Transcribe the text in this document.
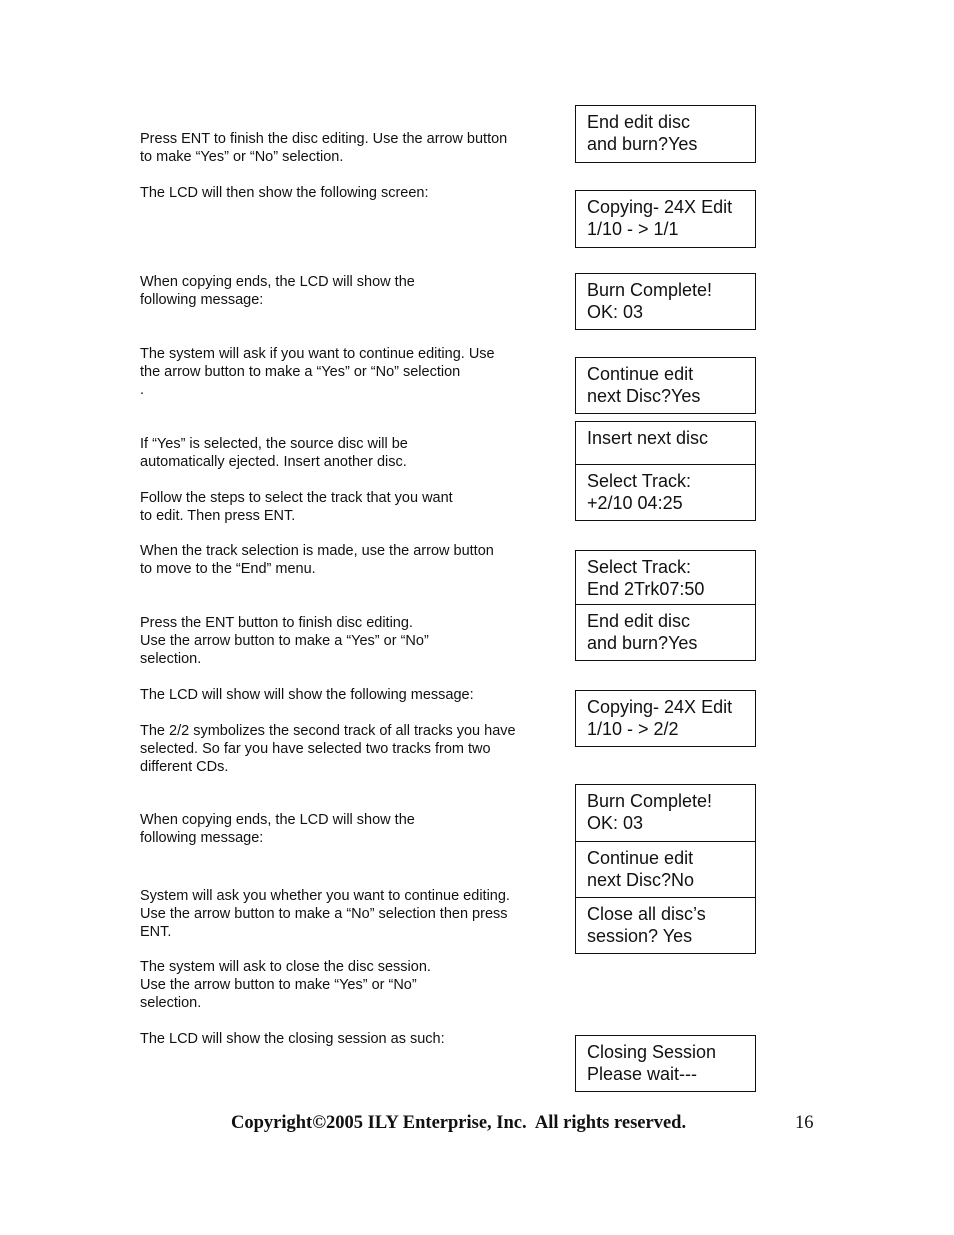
Press ENT to finish the disc editing. Use the arrow button
to make “Yes” or “No” selection.

The LCD will then show the following screen:

When copying ends, the LCD will show the
following message:

The system will ask if you want to continue editing. Use
the arrow button to make a “Yes” or “No” selection
.

If “Yes” is selected, the source disc will be
automatically ejected. Insert another disc.

Follow the steps to select the track that you want
to edit. Then press ENT.

When the track selection is made, use the arrow button
to move to the “End” menu.

Press the ENT button to finish disc editing.
Use the arrow button to make a “Yes” or “No”
selection.

The LCD will show will show the following message:

The 2/2 symbolizes the second track of all tracks you have
selected. So far you have selected two tracks from two
different CDs.

When copying ends, the LCD will show the
following message:

System will ask you whether you want to continue editing.
Use the arrow button to make a “No” selection then press
ENT.

The system will ask to close the disc session.
Use the arrow button to make “Yes” or “No”
selection.

The LCD will show the closing session as such:

End edit disc
and burn?Yes
Copying- 24X Edit
1/10 - > 1/1
Burn Complete!
OK: 03
Continue edit
next Disc?Yes
Insert next disc
Select Track:
+2/10 04:25
Select Track:
End 2Trk07:50
End edit disc
and burn?Yes
Copying- 24X Edit
1/10 - > 2/2
Burn Complete!
OK: 03
Continue edit
next Disc?No
Close all disc’s
session? Yes
Closing Session
Please wait---
Copyright©2005 ILY Enterprise, Inc.  All rights reserved.	16
